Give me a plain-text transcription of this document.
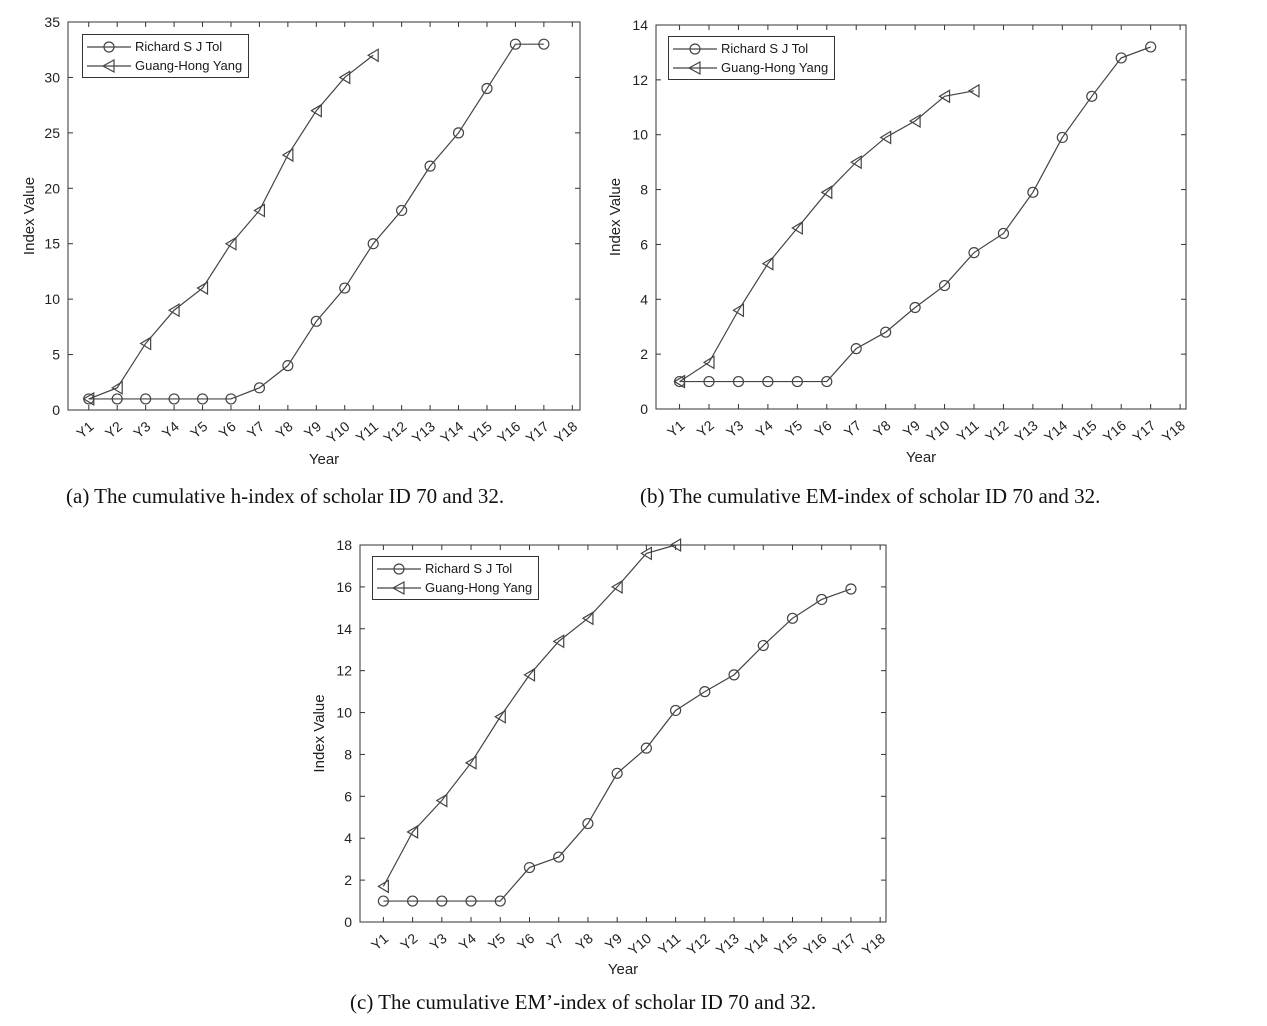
0
5
10
15
20
25
30
35
Y1 Y2 Y3 Y4 Y5 Y6 Y7 Y8 Y9 Y10 Y11 Y12 Y13 Y14 Y15 Y16 Y17 Y18
Year
Index Value
Richard S J Tol
Guang-Hong Yang
(a) The cumulative h-index of scholar ID 70 and 32.
0
2
4
6
8
10
12
14
Y1 Y2 Y3 Y4 Y5 Y6 Y7 Y8 Y9 Y10 Y11 Y12 Y13 Y14 Y15 Y16 Y17 Y18
Year
Index Value
Richard S J Tol
Guang-Hong Yang
(b) The cumulative EM-index of scholar ID 70 and 32.
0
2
4
6
8
10
12
14
16
18
Y1 Y2 Y3 Y4 Y5 Y6 Y7 Y8 Y9 Y10 Y11 Y12 Y13 Y14 Y15 Y16 Y17 Y18
Year
Index Value
Richard S J Tol
Guang-Hong Yang
(c) The cumulative EM’-index of scholar ID 70 and 32.
